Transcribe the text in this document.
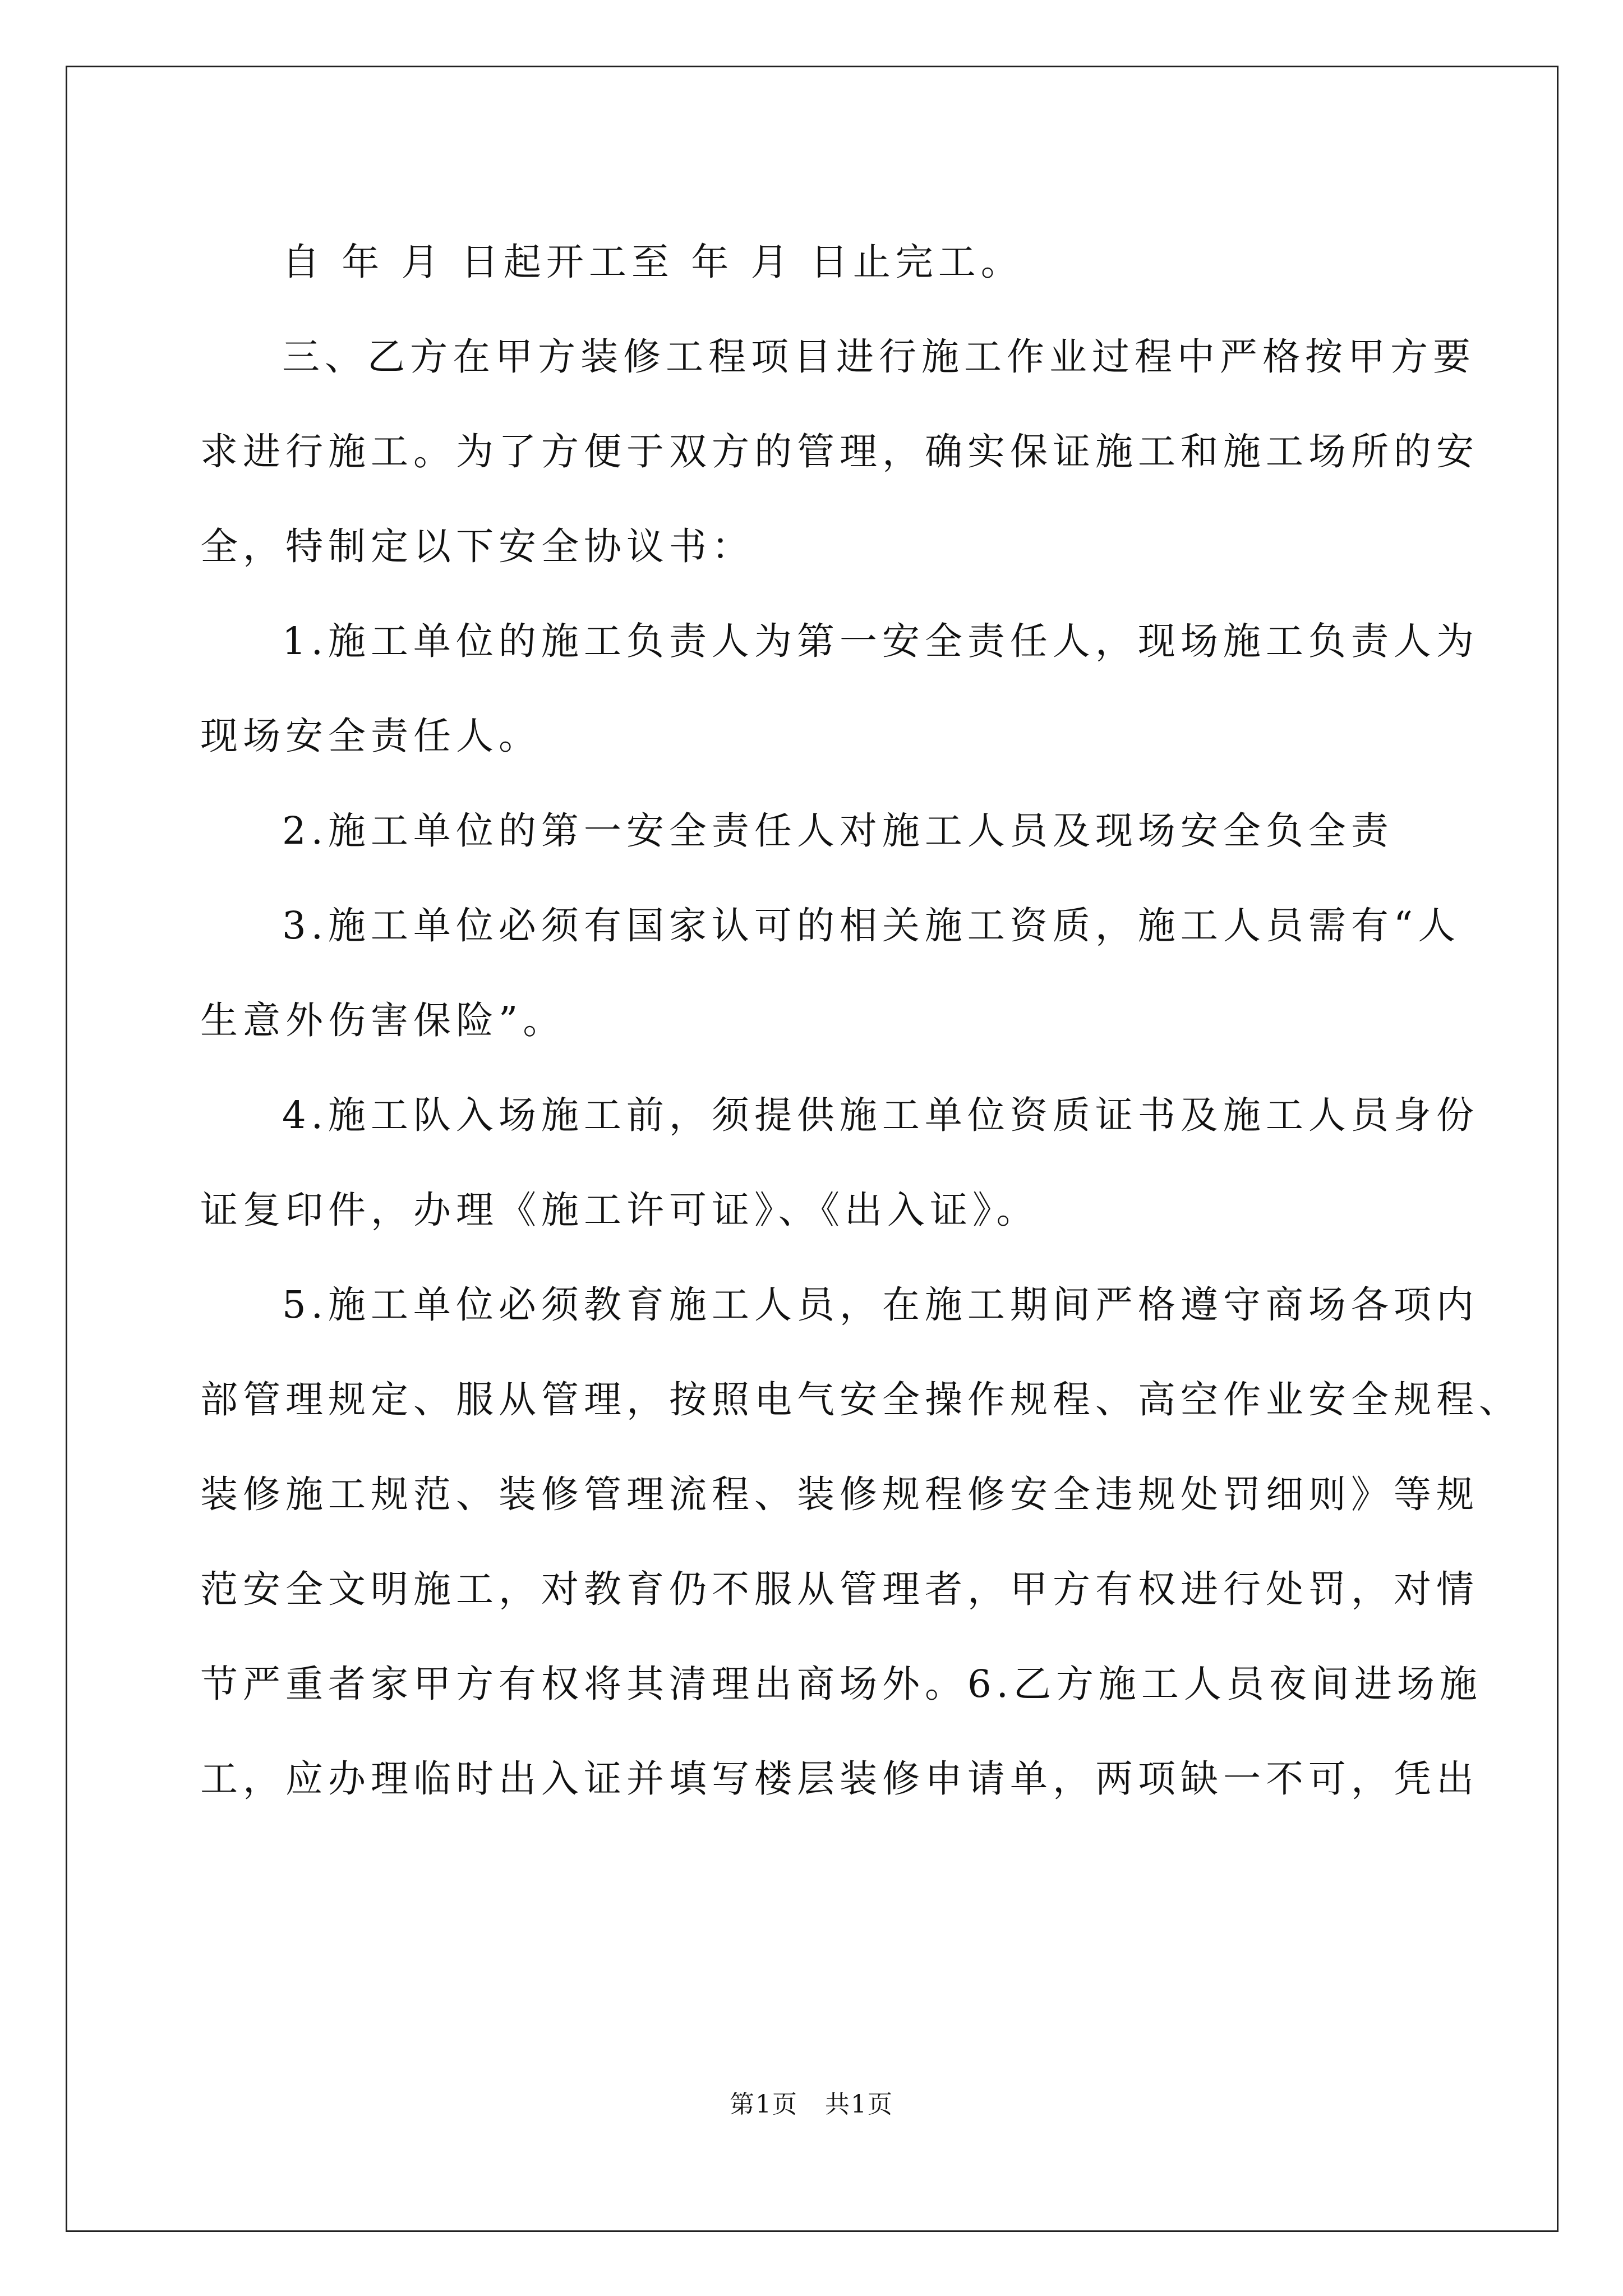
自 年 月 日起开工至 年 月 日止完工。
三、乙方在甲方装修工程项目进行施工作业过程中严格按甲方要
求进行施工。为了方便于双方的管理，确实保证施工和施工场所的安
全，特制定以下安全协议书：
1.施工单位的施工负责人为第一安全责任人，现场施工负责人为
现场安全责任人。
2.施工单位的第一安全责任人对施工人员及现场安全负全责
3.施工单位必须有国家认可的相关施工资质，施工人员需有“人
生意外伤害保险”。
4.施工队入场施工前，须提供施工单位资质证书及施工人员身份
证复印件，办理《施工许可证》、《出入证》。
5.施工单位必须教育施工人员，在施工期间严格遵守商场各项内
部管理规定、服从管理，按照电气安全操作规程、高空作业安全规程、
装修施工规范、装修管理流程、装修规程修安全违规处罚细则》等规
范安全文明施工，对教育仍不服从管理者，甲方有权进行处罚，对情
节严重者家甲方有权将其清理出商场外。6.乙方施工人员夜间进场施
工，应办理临时出入证并填写楼层装修申请单，两项缺一不可，凭出
第1页   共1页
